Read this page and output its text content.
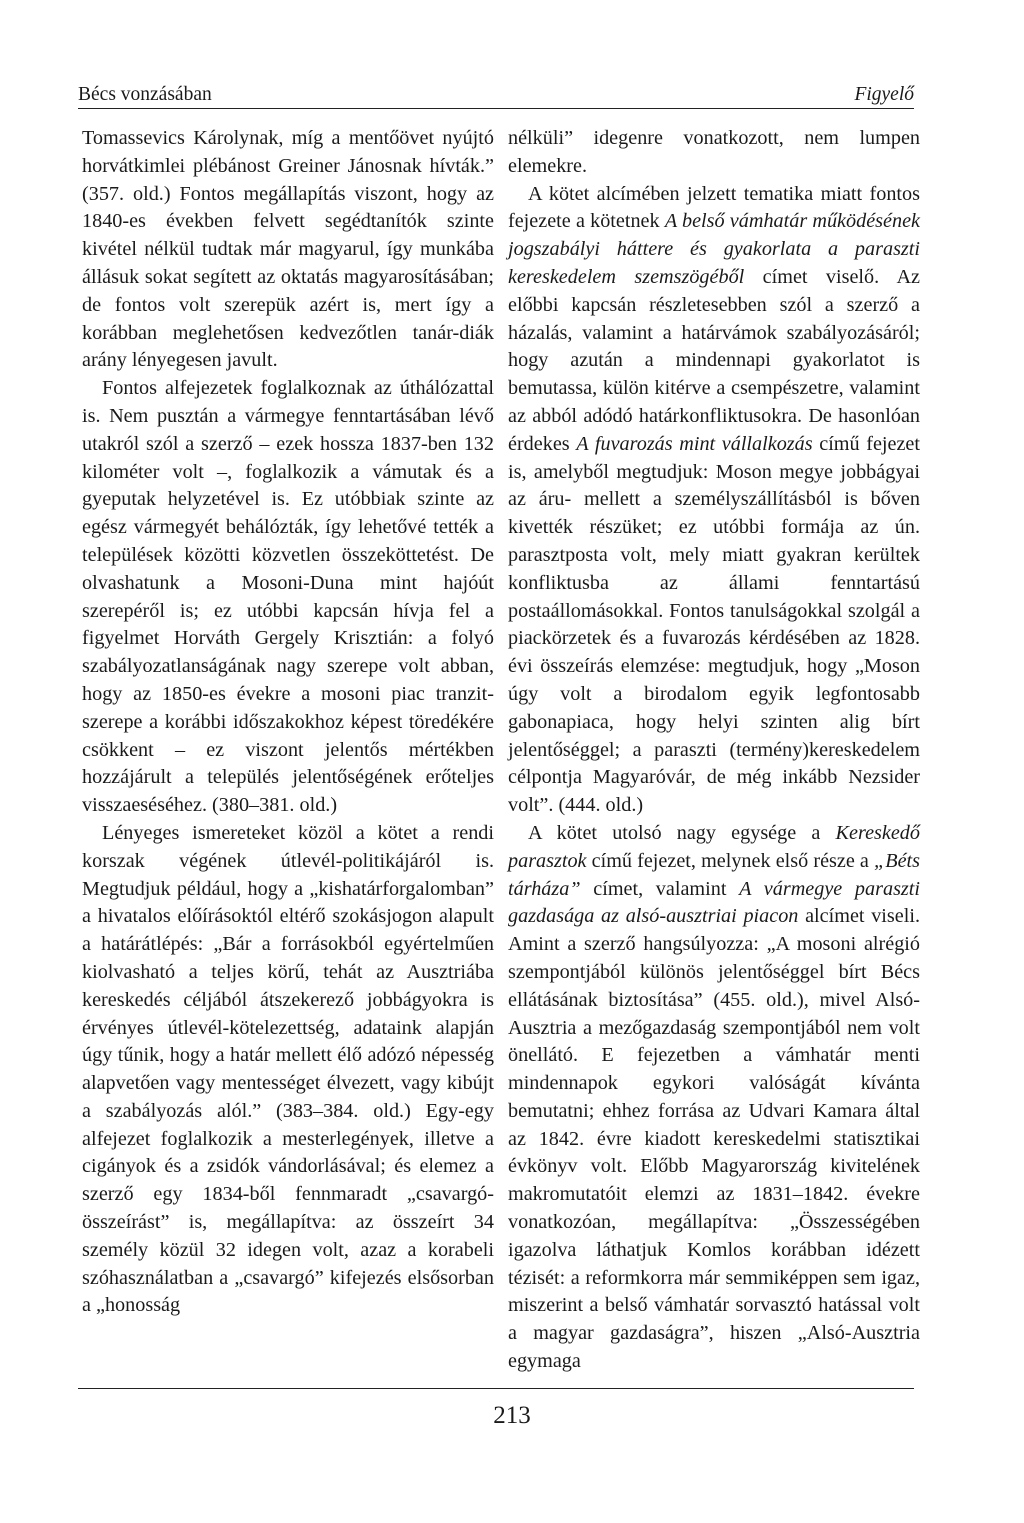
Bécs vonzásában	Figyelő

Tomassevics Károlynak, míg a mentőövet nyújtó horvátkimlei plébánost Greiner Jánosnak hívták.” (357. old.) Fontos megállapítás viszont, hogy az 1840-es években felvett segédtanítók szinte kivétel nélkül tudtak már magyarul, így munkába állásuk sokat segített az oktatás magyarosításában; de fontos volt szerepük azért is, mert így a korábban meglehetősen kedvezőtlen tanár-diák arány lényegesen javult.

Fontos alfejezetek foglalkoznak az úthálózattal is. Nem pusztán a vármegye fenntartásában lévő utakról szól a szerző – ezek hossza 1837-ben 132 kilométer volt –, foglalkozik a vámutak és a gyeputak helyzetével is. Ez utóbbiak szinte az egész vármegyét behálózták, így lehetővé tették a települések közötti közvetlen összeköttetést. De olvashatunk a Mosoni-Duna mint hajóút szerepéről is; ez utóbbi kapcsán hívja fel a figyelmet Horváth Gergely Krisztián: a folyó szabályozatlanságának nagy szerepe volt abban, hogy az 1850-es évekre a mosoni piac tranzit-szerepe a korábbi időszakokhoz képest töredékére csökkent – ez viszont jelentős mértékben hozzájárult a település jelentőségének erőteljes visszaeséséhez. (380–381. old.)

Lényeges ismereteket közöl a kötet a rendi korszak végének útlevél-politikájáról is. Megtudjuk például, hogy a „kishatárforgalomban” a hivatalos előírásoktól eltérő szokásjogon alapult a határátlépés: „Bár a forrásokból egyértelműen kiolvasható a teljes körű, tehát az Ausztriába kereskedés céljából átszekerező jobbágyokra is érvényes útlevél-kötelezettség, adataink alapján úgy tűnik, hogy a határ mellett élő adózó népesség alapvetően vagy mentességet élvezett, vagy kibújt a szabályozás alól.” (383–384. old.) Egy-egy alfejezet foglalkozik a mesterlegények, illetve a cigányok és a zsidók vándorlásával; és elemez a szerző egy 1834-ből fennmaradt „csavargó-összeírást” is, megállapítva: az összeírt 34 személy közül 32 idegen volt, azaz a korabeli szóhasználatban a „csavargó” kifejezés elsősorban a „honosság

nélküli” idegenre vonatkozott, nem lumpen elemekre.

A kötet alcímében jelzett tematika miatt fontos fejezete a kötetnek A belső vámhatár működésének jogszabályi háttere és gyakorlata a paraszti kereskedelem szemszögéből címet viselő. Az előbbi kapcsán részletesebben szól a szerző a házalás, valamint a határvámok szabályozásáról; hogy azután a mindennapi gyakorlatot is bemutassa, külön kitérve a csempészetre, valamint az abból adódó határkonfliktusokra. De hasonlóan érdekes A fuvarozás mint vállalkozás című fejezet is, amelyből megtudjuk: Moson megye jobbágyai az áru- mellett a személyszállításból is bőven kivették részüket; ez utóbbi formája az ún. parasztposta volt, mely miatt gyakran kerültek konfliktusba az állami fenntartású postaállomásokkal. Fontos tanulságokkal szolgál a piackörzetek és a fuvarozás kérdésében az 1828. évi összeírás elemzése: megtudjuk, hogy „Moson úgy volt a birodalom egyik legfontosabb gabonapiaca, hogy helyi szinten alig bírt jelentőséggel; a paraszti (termény)kereskedelem célpontja Magyaróvár, de még inkább Nezsider volt”. (444. old.)

A kötet utolsó nagy egysége a Kereskedő parasztok című fejezet, melynek első része a „Béts tárháza” címet, valamint A vármegye paraszti gazdasága az alsó-ausztriai piacon alcímet viseli. Amint a szerző hangsúlyozza: „A mosoni alrégió szempontjából különös jelentőséggel bírt Bécs ellátásának biztosítása” (455. old.), mivel Alsó-Ausztria a mezőgazdaság szempontjából nem volt önellátó. E fejezetben a vámhatár menti mindennapok egykori valóságát kívánta bemutatni; ehhez forrása az Udvari Kamara által az 1842. évre kiadott kereskedelmi statisztikai évkönyv volt. Előbb Magyarország kivitelének makromutatóit elemzi az 1831–1842. évekre vonatkozóan, megállapítva: „Összességében igazolva láthatjuk Komlos korábban idézett tézisét: a reformkorra már semmiképpen sem igaz, miszerint a belső vámhatár sorvasztó hatással volt a magyar gazdaságra”, hiszen „Alsó-Ausztria egymaga

213
